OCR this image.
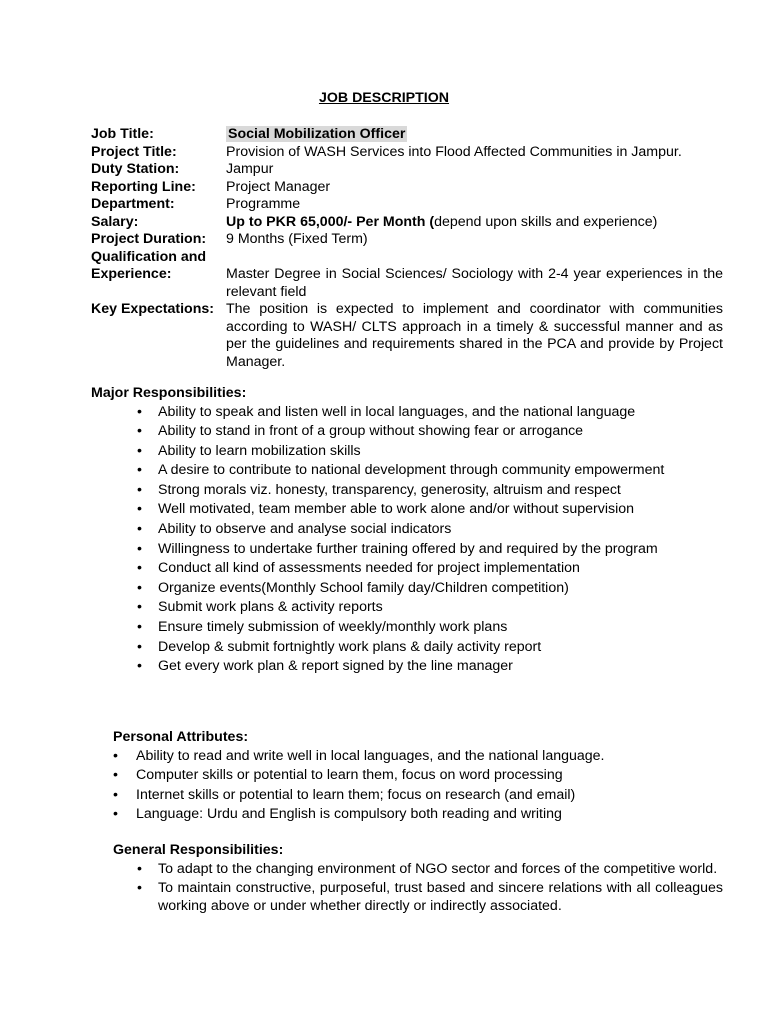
JOB DESCRIPTION
Job Title:	Social Mobilization Officer
Project Title:	Provision of WASH Services into Flood Affected Communities in Jampur.
Duty Station:	Jampur
Reporting Line:	Project Manager
Department:	Programme
Salary:	Up to PKR 65,000/- Per Month (depend upon skills and experience)
Project Duration:	9 Months (Fixed Term)
Qualification and
Experience:	Master Degree in Social Sciences/ Sociology with 2-4 year experiences in the relevant field
Key Expectations: The position is expected to implement and coordinator with communities according to WASH/ CLTS approach in a timely & successful manner and as per the guidelines and requirements shared in the PCA and provide by Project Manager.
Major Responsibilities:
• Ability to speak and listen well in local languages, and the national language
• Ability to stand in front of a group without showing fear or arrogance
• Ability to learn mobilization skills
• A desire to contribute to national development through community empowerment
• Strong morals viz. honesty, transparency, generosity, altruism and respect
• Well motivated, team member able to work alone and/or without supervision
• Ability to observe and analyse social indicators
• Willingness to undertake further training offered by and required by the program
• Conduct all kind of assessments needed for project implementation
• Organize events(Monthly School family day/Children competition)
• Submit work plans & activity reports
• Ensure timely submission of weekly/monthly work plans
• Develop & submit fortnightly work plans & daily activity report
• Get every work plan & report signed by the line manager
Personal Attributes:
• Ability to read and write well in local languages, and the national language.
• Computer skills or potential to learn them, focus on word processing
• Internet skills or potential to learn them; focus on research (and email)
• Language: Urdu and English is compulsory both reading and writing
General Responsibilities:
• To adapt to the changing environment of NGO sector and forces of the competitive world.
• To maintain constructive, purposeful, trust based and sincere relations with all colleagues working above or under whether directly or indirectly associated.
